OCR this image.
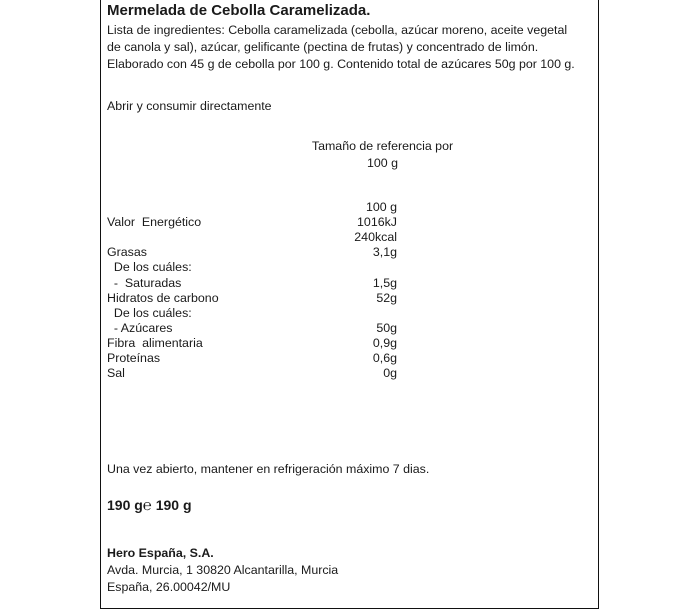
Mermelada de Cebolla Caramelizada.

Lista de ingredientes: Cebolla caramelizada (cebolla, azúcar moreno, aceite vegetal de canola y sal), azúcar, gelificante (pectina de frutas) y concentrado de limón. Elaborado con 45 g de cebolla por 100 g. Contenido total de azúcares 50g por 100 g.

Abrir y consumir directamente

Tamaño de referencia por
100 g
100 g
Valor  Energético	1016kJ
240kcal
Grasas	3,1g
De los cuáles:
-  Saturadas	1,5g
Hidratos de carbono	52g
De los cuáles:
- Azúcares	50g
Fibra  alimentaria	0,9g
Proteínas	0,6g
Sal	0g
Una vez abierto, mantener en refrigeración máximo 7 dias.
190 g℮ 190 g
Hero España, S.A.
Avda. Murcia, 1 30820 Alcantarilla, Murcia
España, 26.00042/MU
